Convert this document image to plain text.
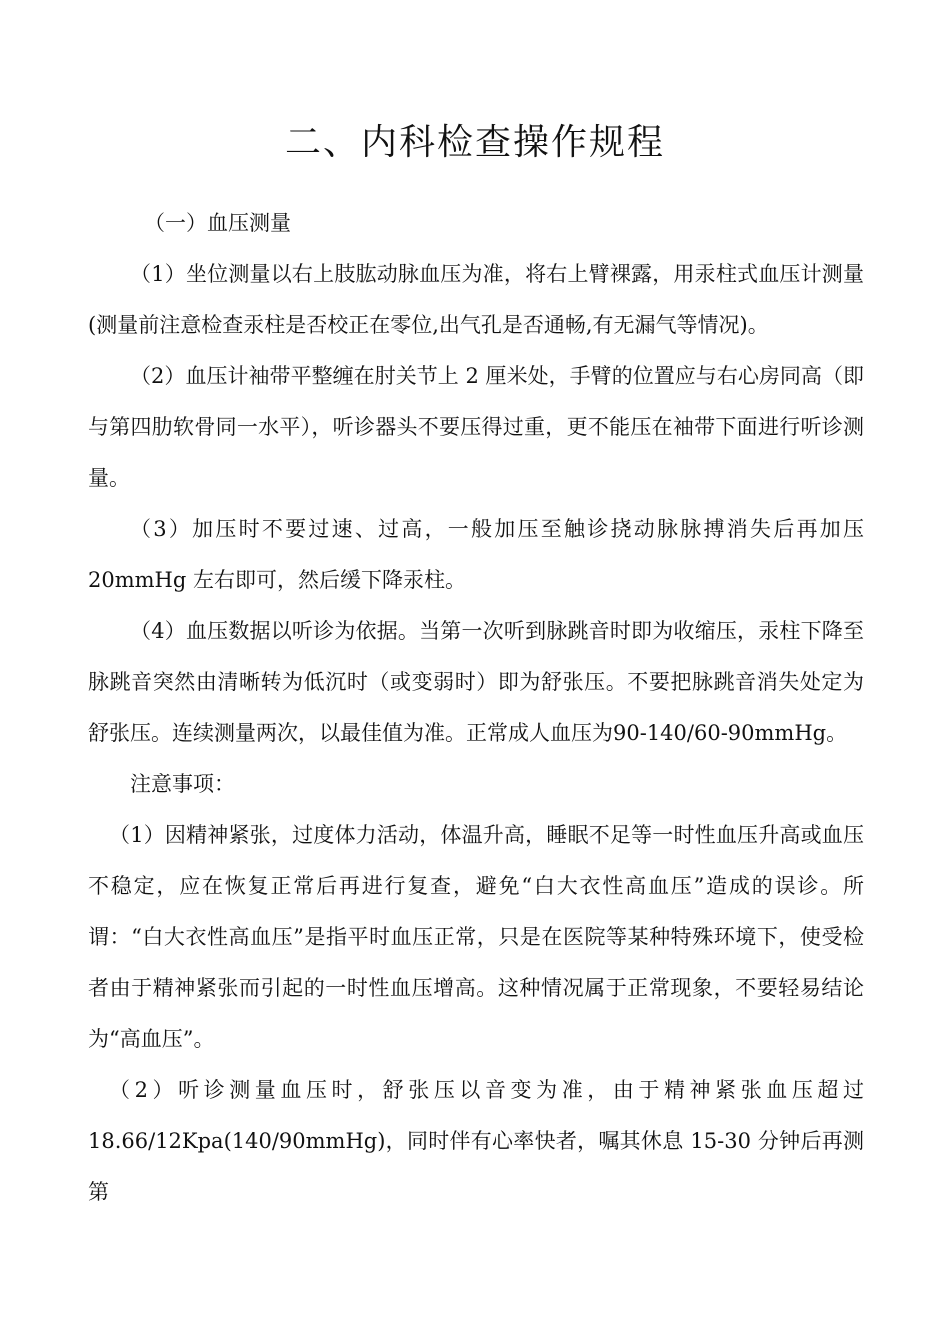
二、内科检查操作规程

（一）血压测量

（1）坐位测量以右上肢肱动脉血压为准，将右上臂裸露，用汞柱式血压计测量(测量前注意检查汞柱是否校正在零位,出气孔是否通畅,有无漏气等情况)。

（2）血压计袖带平整缠在肘关节上 2 厘米处，手臂的位置应与右心房同高（即与第四肋软骨同一水平），听诊器头不要压得过重，更不能压在袖带下面进行听诊测量。

（3）加压时不要过速、过高，一般加压至触诊挠动脉脉搏消失后再加压20mmHg 左右即可，然后缓下降汞柱。

（4）血压数据以听诊为依据。当第一次听到脉跳音时即为收缩压，汞柱下降至脉跳音突然由清晰转为低沉时（或变弱时）即为舒张压。不要把脉跳音消失处定为舒张压。连续测量两次，以最佳值为准。正常成人血压为90-140/60-90mmHg。

注意事项：

（1）因精神紧张，过度体力活动，体温升高，睡眠不足等一时性血压升高或血压不稳定，应在恢复正常后再进行复查，避免“白大衣性高血压”造成的误诊。所谓：“白大衣性高血压”是指平时血压正常，只是在医院等某种特殊环境下，使受检者由于精神紧张而引起的一时性血压增高。这种情况属于正常现象，不要轻易结论为“高血压”。

（2）听诊测量血压时，舒张压以音变为准，由于精神紧张血压超过18.66/12Kpa(140/90mmHg)，同时伴有心率快者，嘱其休息 15-30 分钟后再测第
